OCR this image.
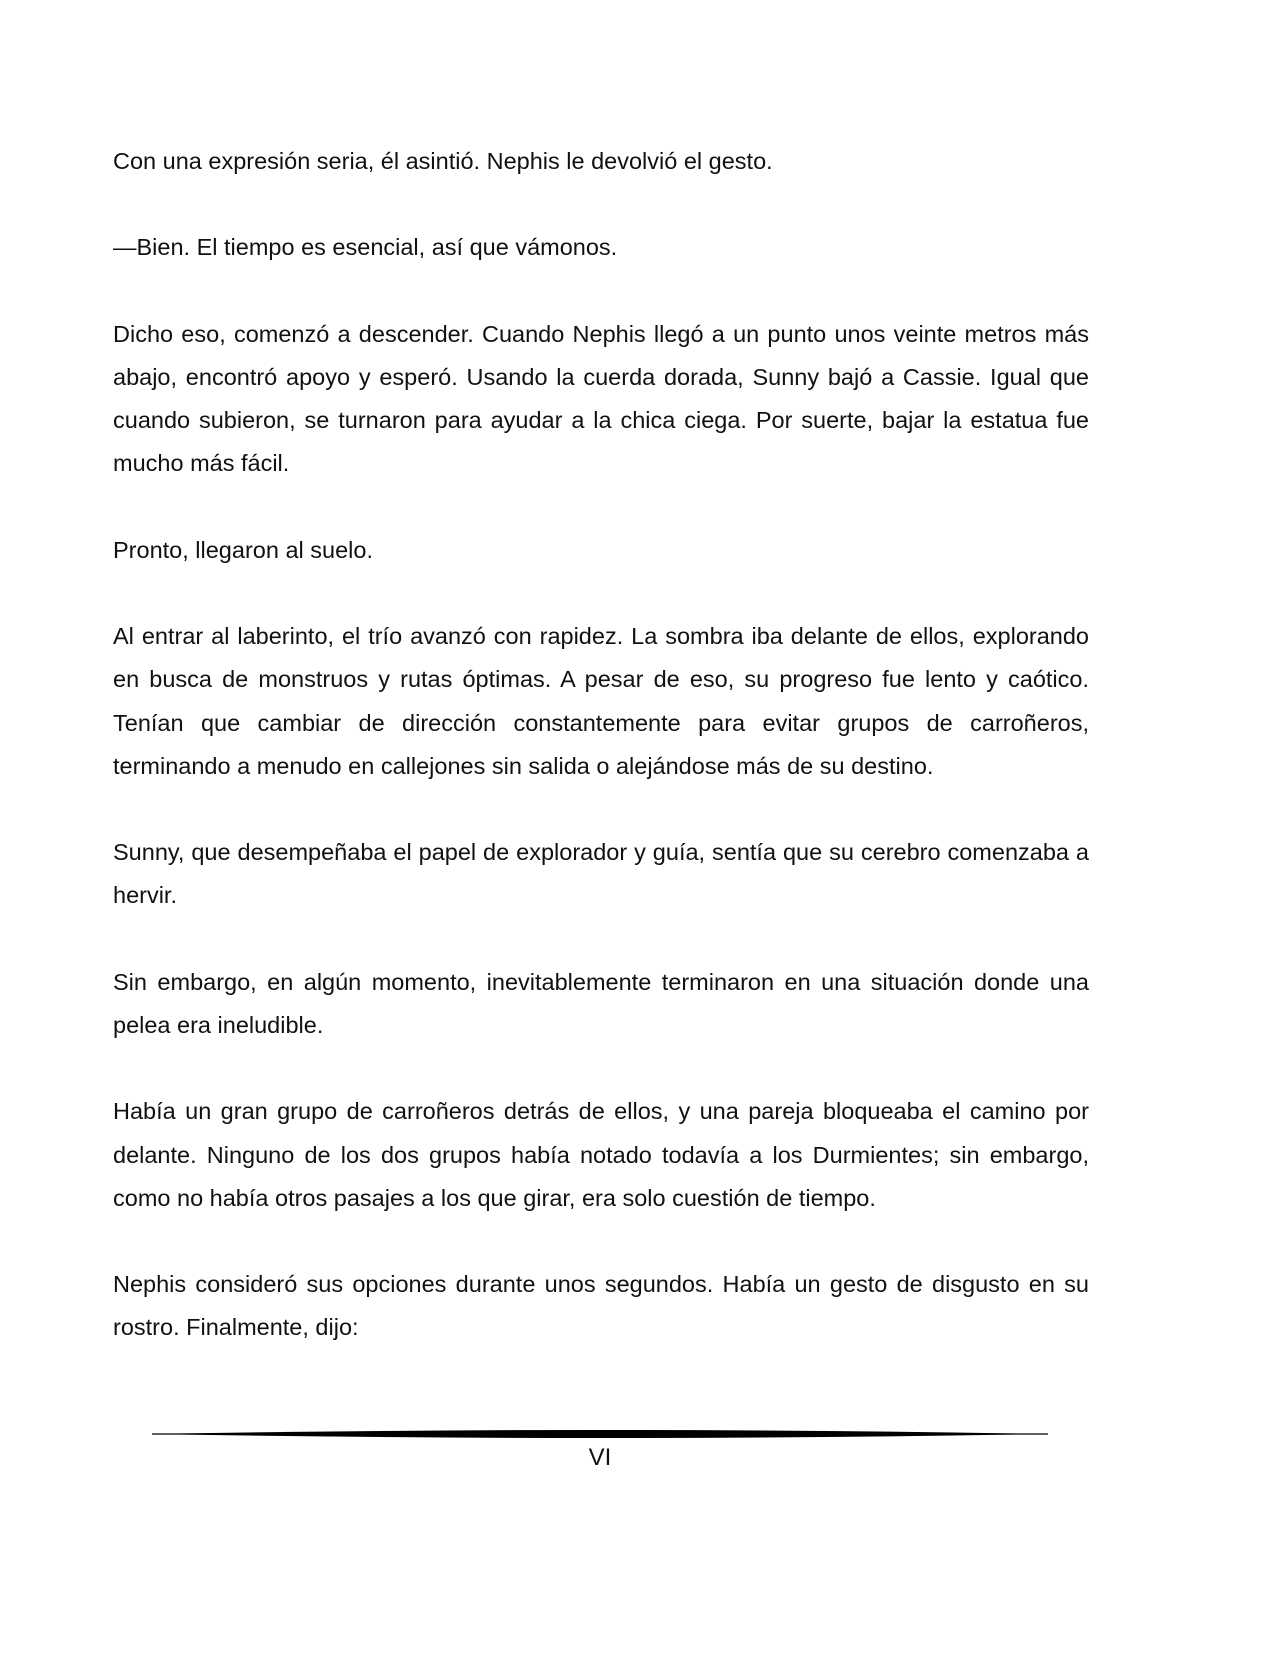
Con una expresión seria, él asintió. Nephis le devolvió el gesto.

—Bien. El tiempo es esencial, así que vámonos.

Dicho eso, comenzó a descender. Cuando Nephis llegó a un punto unos veinte metros más abajo, encontró apoyo y esperó. Usando la cuerda dorada, Sunny bajó a Cassie. Igual que cuando subieron, se turnaron para ayudar a la chica ciega. Por suerte, bajar la estatua fue mucho más fácil.

Pronto, llegaron al suelo.

Al entrar al laberinto, el trío avanzó con rapidez. La sombra iba delante de ellos, explorando en busca de monstruos y rutas óptimas. A pesar de eso, su progreso fue lento y caótico. Tenían que cambiar de dirección constantemente para evitar grupos de carroñeros, terminando a menudo en callejones sin salida o alejándose más de su destino.

Sunny, que desempeñaba el papel de explorador y guía, sentía que su cerebro comenzaba a hervir.

Sin embargo, en algún momento, inevitablemente terminaron en una situación donde una pelea era ineludible.

Había un gran grupo de carroñeros detrás de ellos, y una pareja bloqueaba el camino por delante. Ninguno de los dos grupos había notado todavía a los Durmientes; sin embargo, como no había otros pasajes a los que girar, era solo cuestión de tiempo.

Nephis consideró sus opciones durante unos segundos. Había un gesto de disgusto en su rostro. Finalmente, dijo:

VI
